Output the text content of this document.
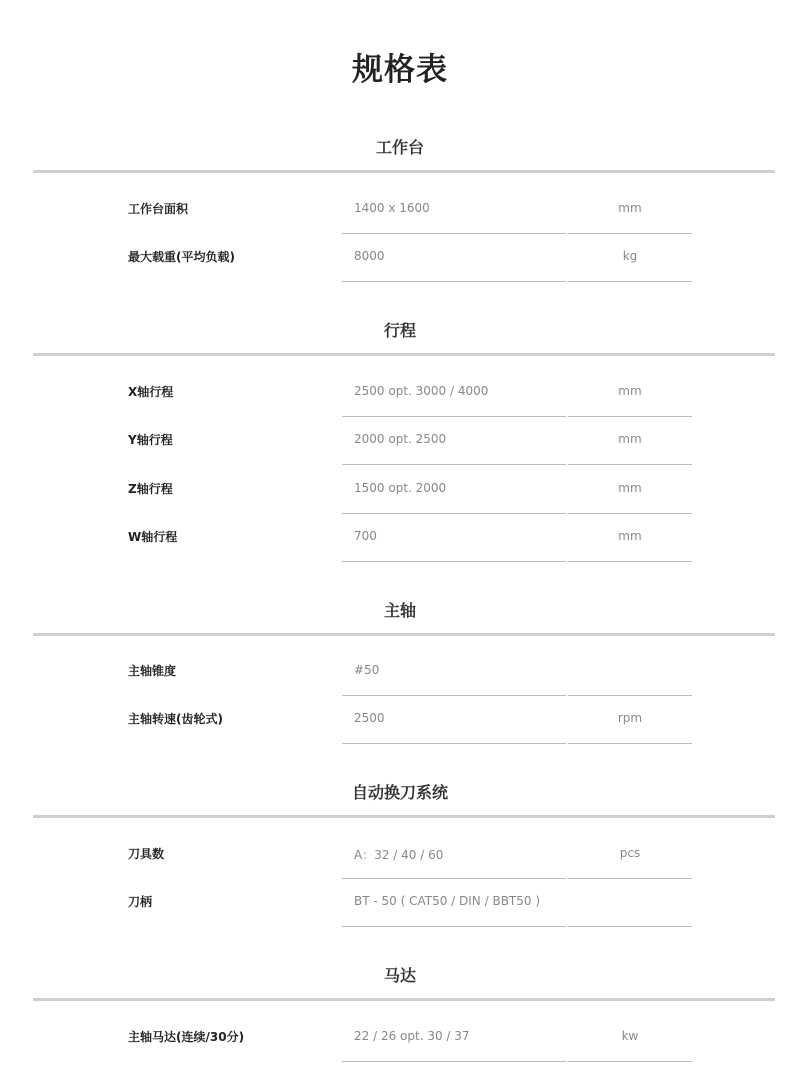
规格表
工作台
工作台面积	1400 x 1600	mm
最大载重(平均负载)	8000	kg
行程
X轴行程	2500 opt. 3000 / 4000	mm
Y轴行程	2000 opt. 2500	mm
Z轴行程	1500 opt. 2000	mm
W轴行程	700	mm
主轴
主轴锥度	#50
主轴转速(齿轮式)	2500	rpm
自动换刀系统
刀具数	A：32 / 40 / 60	pcs
刀柄	BT - 50 ( CAT50 / DIN / BBT50 )
马达
主轴马达(连续/30分)	22 / 26 opt. 30 / 37	kw
